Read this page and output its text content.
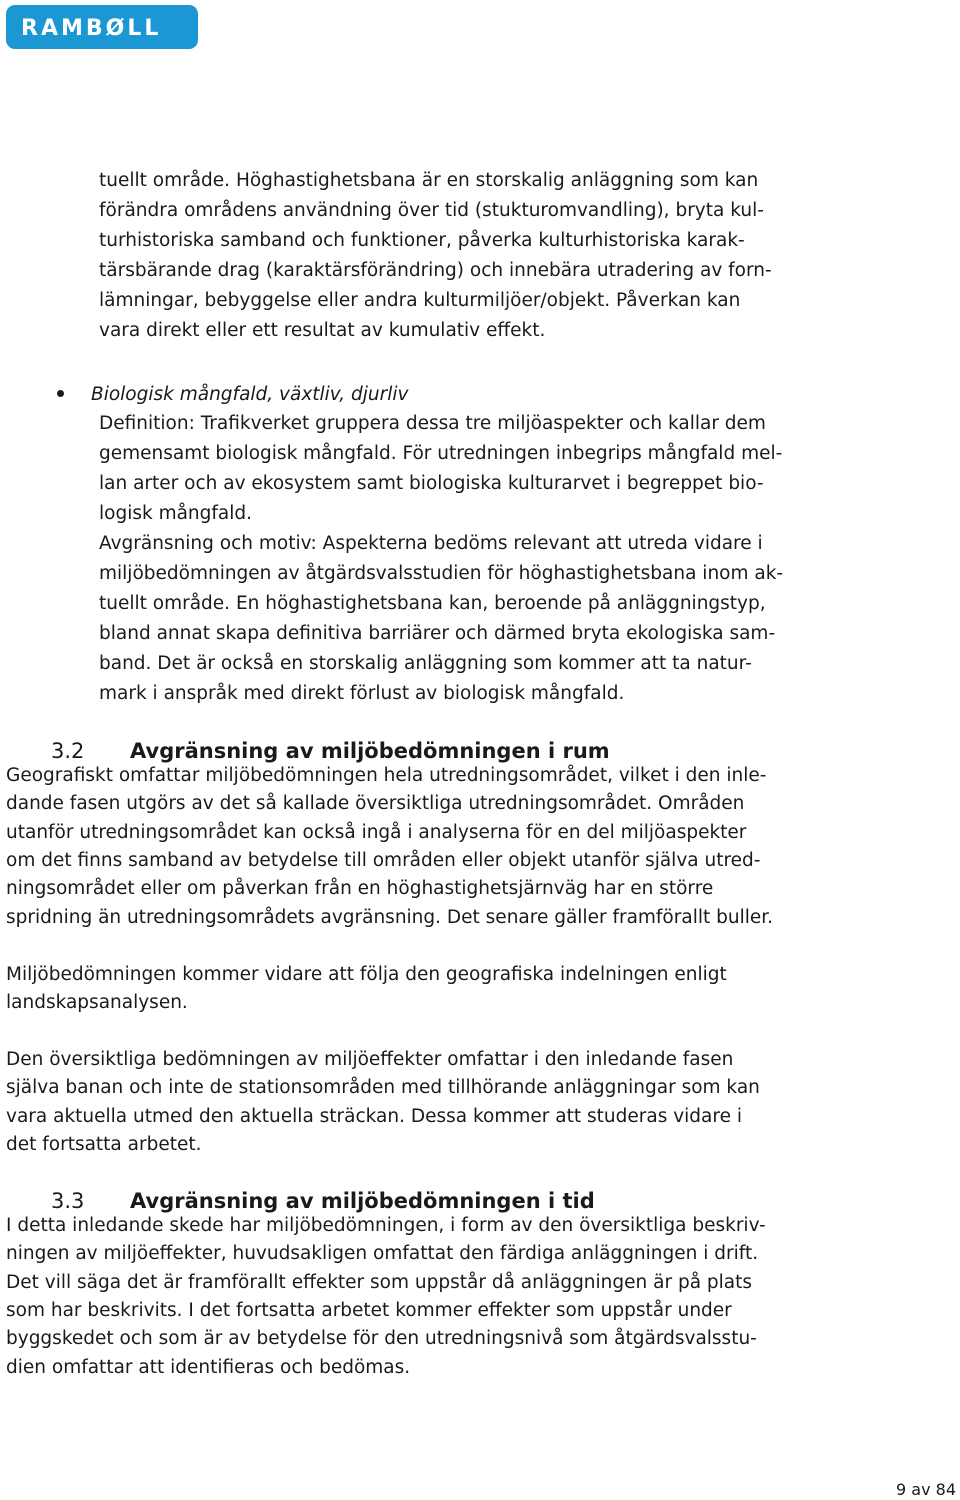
RAMBØLL
tuellt område. Höghastighetsbana är en storskalig anläggning som kan
förändra områdens användning över tid (stukturomvandling), bryta kul-
turhistoriska samband och funktioner, påverka kulturhistoriska karak-
tärsbärande drag (karaktärsförändring) och innebära utradering av forn-
lämningar, bebyggelse eller andra kulturmiljöer/objekt. Påverkan kan
vara direkt eller ett resultat av kumulativ effekt.
Biologisk mångfald, växtliv, djurliv
Definition: Trafikverket gruppera dessa tre miljöaspekter och kallar dem
gemensamt biologisk mångfald. För utredningen inbegrips mångfald mel-
lan arter och av ekosystem samt biologiska kulturarvet i begreppet bio-
logisk mångfald.
Avgränsning och motiv: Aspekterna bedöms relevant att utreda vidare i
miljöbedömningen av åtgärdsvalsstudien för höghastighetsbana inom ak-
tuellt område. En höghastighetsbana kan, beroende på anläggningstyp,
bland annat skapa definitiva barriärer och därmed bryta ekologiska sam-
band. Det är också en storskalig anläggning som kommer att ta natur-
mark i anspråk med direkt förlust av biologisk mångfald.
3.2 Avgränsning av miljöbedömningen i rum
Geografiskt omfattar miljöbedömningen hela utredningsområdet, vilket i den inle-
dande fasen utgörs av det så kallade översiktliga utredningsområdet. Områden
utanför utredningsområdet kan också ingå i analyserna för en del miljöaspekter
om det finns samband av betydelse till områden eller objekt utanför själva utred-
ningsområdet eller om påverkan från en höghastighetsjärnväg har en större
spridning än utredningsområdets avgränsning. Det senare gäller framförallt buller.
Miljöbedömningen kommer vidare att följa den geografiska indelningen enligt
landskapsanalysen.
Den översiktliga bedömningen av miljöeffekter omfattar i den inledande fasen
själva banan och inte de stationsområden med tillhörande anläggningar som kan
vara aktuella utmed den aktuella sträckan. Dessa kommer att studeras vidare i
det fortsatta arbetet.
3.3 Avgränsning av miljöbedömningen i tid
I detta inledande skede har miljöbedömningen, i form av den översiktliga beskriv-
ningen av miljöeffekter, huvudsakligen omfattat den färdiga anläggningen i drift.
Det vill säga det är framförallt effekter som uppstår då anläggningen är på plats
som har beskrivits. I det fortsatta arbetet kommer effekter som uppstår under
byggskedet och som är av betydelse för den utredningsnivå som åtgärdsvalsstu-
dien omfattar att identifieras och bedömas.
9 av 84
